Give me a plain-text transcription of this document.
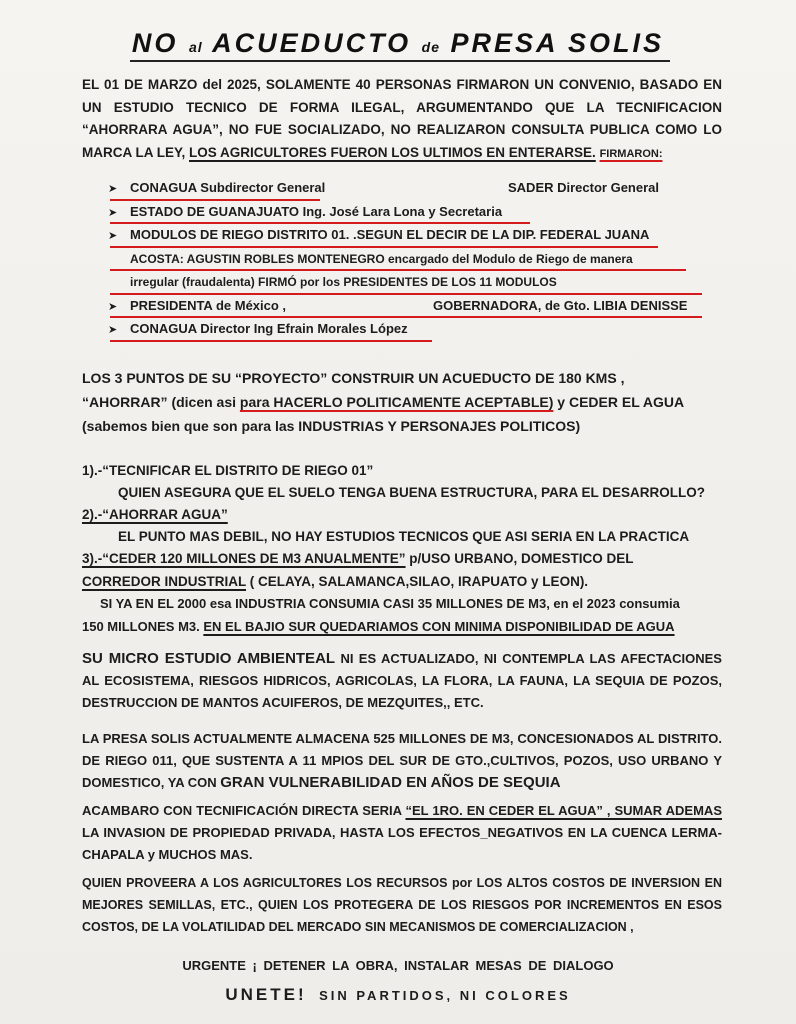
NO al ACUEDUCTO de PRESA SOLIS

EL 01 DE MARZO del 2025, SOLAMENTE 40 PERSONAS FIRMARON UN CONVENIO, BASADO EN UN ESTUDIO TECNICO DE FORMA ILEGAL, ARGUMENTANDO QUE LA TECNIFICACION “AHORRARA AGUA”, NO FUE SOCIALIZADO, NO REALIZARON CONSULTA PUBLICA COMO LO MARCA LA LEY, LOS AGRICULTORES FUERON LOS ULTIMOS EN ENTERARSE. FIRMARON:

➤ CONAGUA Subdirector General	SADER Director General
➤ ESTADO DE GUANAJUATO Ing. José Lara Lona y Secretaria
➤ MODULOS DE RIEGO DISTRITO 01. .SEGUN EL DECIR DE LA DIP. FEDERAL JUANA
ACOSTA: AGUSTIN ROBLES MONTENEGRO encargado del Modulo de Riego de manera
irregular (fraudalenta) FIRMÓ por los PRESIDENTES DE LOS 11 MODULOS
➤ PRESIDENTA de México ,	GOBERNADORA, de Gto. LIBIA DENISSE
➤ CONAGUA Director Ing Efrain Morales López

LOS 3 PUNTOS DE SU “PROYECTO” CONSTRUIR UN ACUEDUCTO DE 180 KMS ,

“AHORRAR” (dicen asi para HACERLO POLITICAMENTE ACEPTABLE) y CEDER EL AGUA

(sabemos bien que son para las INDUSTRIAS Y PERSONAJES POLITICOS)

1).-“TECNIFICAR EL DISTRITO DE RIEGO 01”

QUIEN ASEGURA QUE EL SUELO TENGA BUENA ESTRUCTURA, PARA EL DESARROLLO?

2).-“AHORRAR AGUA”

EL PUNTO MAS DEBIL, NO HAY ESTUDIOS TECNICOS QUE ASI SERIA EN LA PRACTICA

3).-“CEDER 120 MILLONES DE M3 ANUALMENTE” p/USO URBANO, DOMESTICO DEL

CORREDOR INDUSTRIAL ( CELAYA, SALAMANCA,SILAO, IRAPUATO y LEON).

SI YA EN EL 2000 esa INDUSTRIA CONSUMIA CASI 35 MILLONES DE M3, en el 2023 consumia

150 MILLONES M3. EN EL BAJIO SUR QUEDARIAMOS CON MINIMA DISPONIBILIDAD DE AGUA

SU MICRO ESTUDIO AMBIENTEAL NI ES ACTUALIZADO, NI CONTEMPLA LAS AFECTACIONES AL ECOSISTEMA, RIESGOS HIDRICOS, AGRICOLAS, LA FLORA, LA FAUNA, LA SEQUIA DE POZOS, DESTRUCCION DE MANTOS ACUIFEROS, DE MEZQUITES,, ETC.

LA PRESA SOLIS ACTUALMENTE ALMACENA 525 MILLONES DE M3, CONCESIONADOS AL DISTRITO. DE RIEGO 011, QUE SUSTENTA A 11 MPIOS DEL SUR DE GTO.,CULTIVOS, POZOS, USO URBANO Y DOMESTICO, YA CON GRAN VULNERABILIDAD EN AÑOS DE SEQUIA

ACAMBARO CON TECNIFICACIÓN DIRECTA SERIA “EL 1RO. EN CEDER EL AGUA” , SUMAR ADEMAS LA INVASION DE PROPIEDAD PRIVADA, HASTA LOS EFECTOS_NEGATIVOS EN LA CUENCA LERMA-CHAPALA y MUCHOS MAS.

QUIEN PROVEERA A LOS AGRICULTORES LOS RECURSOS por LOS ALTOS COSTOS DE INVERSION EN MEJORES SEMILLAS, ETC., QUIEN LOS PROTEGERA DE LOS RIESGOS POR INCREMENTOS EN ESOS COSTOS, DE LA VOLATILIDAD DEL MERCADO SIN MECANISMOS DE COMERCIALIZACION ,

URGENTE ¡ DETENER LA OBRA, INSTALAR MESAS DE DIALOGO
UNETE! SIN PARTIDOS, NI COLORES
